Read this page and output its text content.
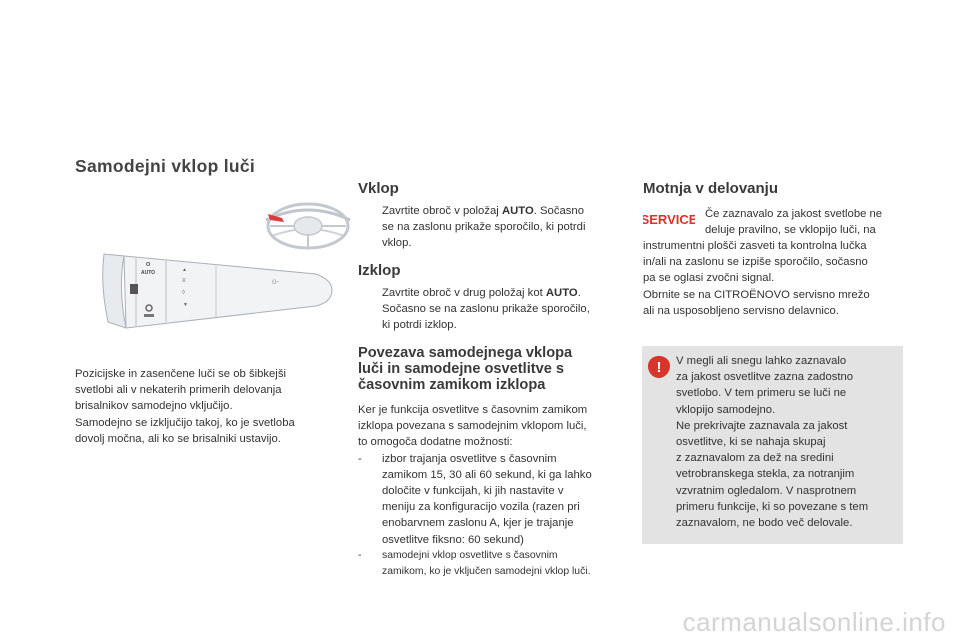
Samodejni vklop luči
▲
≡
◊
▼
o-
O
AUTO
Pozicijske in zasenčene luči se ob šibkejši
svetlobi ali v nekaterih primerih delovanja
brisalnikov samodejno vključijo.
Samodejno se izključijo takoj, ko je svetloba
dovolj močna, ali ko se brisalniki ustavijo.
Vklop
Zavrtite obroč v položaj AUTO. Sočasno
se na zaslonu prikaže sporočilo, ki potrdi
vklop.
Izklop
Zavrtite obroč v drug položaj kot AUTO.
Sočasno se na zaslonu prikaže sporočilo,
ki potrdi izklop.
Povezava samodejnega vklopa
luči in samodejne osvetlitve s
časovnim zamikom izklopa
Ker je funkcija osvetlitve s časovnim zamikom
izklopa povezana s samodejnim vklopom luči,
to omogoča dodatne možnosti:
- izbor trajanja osvetlitve s časovnim
zamikom 15, 30 ali 60 sekund, ki ga lahko
določite v funkcijah, ki jih nastavite v
meniju za konfiguracijo vozila (razen pri
enobarvnem zaslonu A, kjer je trajanje
osvetlitve fiksno: 60 sekund)
- samodejni vklop osvetlitve s časovnim
zamikom, ko je vključen samodejni vklop luči.
Motnja v delovanju
SERVICE Če zaznavalo za jakost svetlobe ne
deluje pravilno, se vklopijo luči, na
instrumentni plošči zasveti ta kontrolna lučka
in/ali na zaslonu se izpiše sporočilo, sočasno
pa se oglasi zvočni signal.
Obrnite se na CITROËNOVO servisno mrežo
ali na usposobljeno servisno delavnico.
! V megli ali snegu lahko zaznavalo
za jakost osvetlitve zazna zadostno
svetlobo. V tem primeru se luči ne
vklopijo samodejno.
Ne prekrivajte zaznavala za jakost
osvetlitve, ki se nahaja skupaj
z zaznavalom za dež na sredini
vetrobranskega stekla, za notranjim
vzvratnim ogledalom. V nasprotnem
primeru funkcije, ki so povezane s tem
zaznavalom, ne bodo več delovale.
carmanualsonline.info
